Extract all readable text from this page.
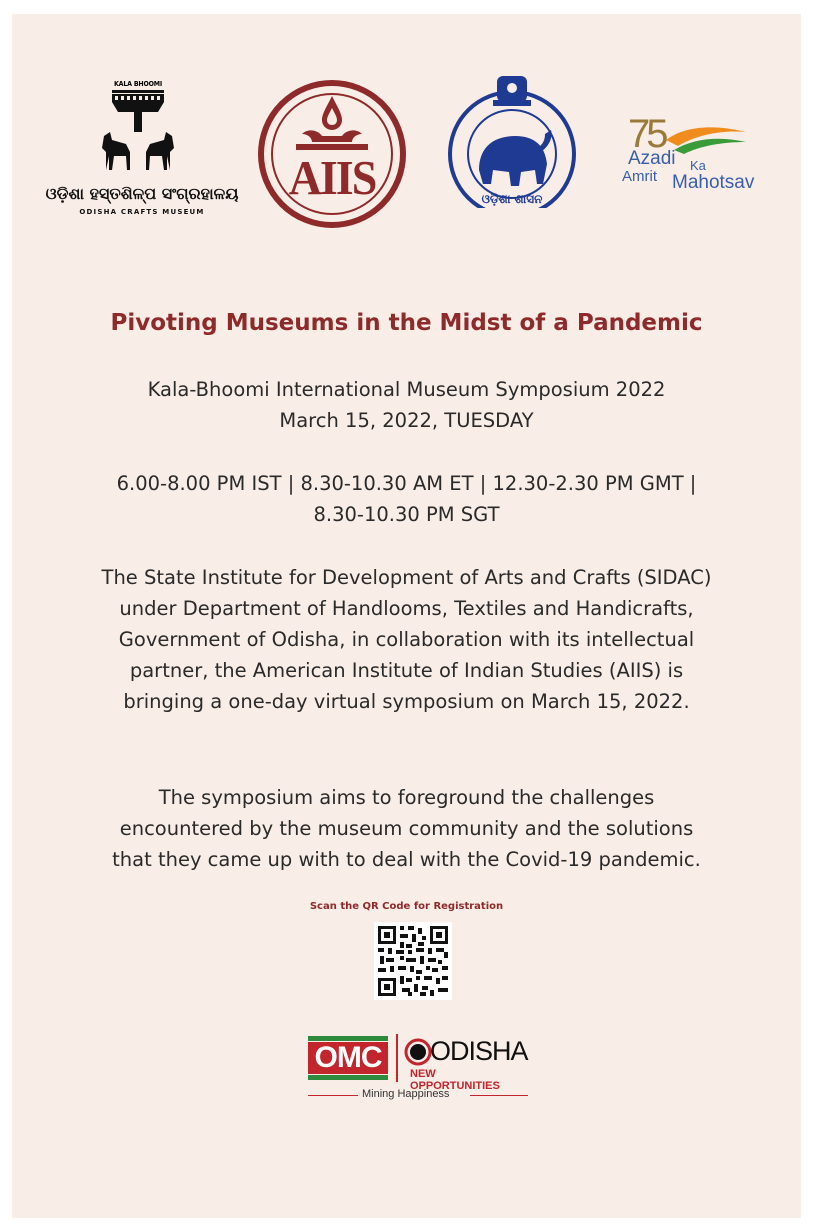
KALA BHOOMI
ଓଡ଼ିଶା ହସ୍ତଶିଳ୍ପ ସଂଗ୍ରହାଳୟ
ODISHA CRAFTS MUSEUM
AIIS	ଓଡ଼ିଶା ଶାସନ
75
Azadi Ka
Amrit Mahotsav
Pivoting Museums in the Midst of a Pandemic
Kala-Bhoomi International Museum Symposium 2022
March 15, 2022, TUESDAY
6.00-8.00 PM IST | 8.30-10.30 AM ET | 12.30-2.30 PM GMT |
8.30-10.30 PM SGT
The State Institute for Development of Arts and Crafts (SIDAC) under Department of Handlooms, Textiles and Handicrafts, Government of Odisha, in collaboration with its intellectual partner, the American Institute of Indian Studies (AIIS) is bringing a one-day virtual symposium on March 15, 2022.
The symposium aims to foreground the challenges encountered by the museum community and the solutions that they came up with to deal with the Covid-19 pandemic.
Scan the QR Code for Registration
OMC ODISHA
NEW OPPORTUNITIES
Mining Happiness
